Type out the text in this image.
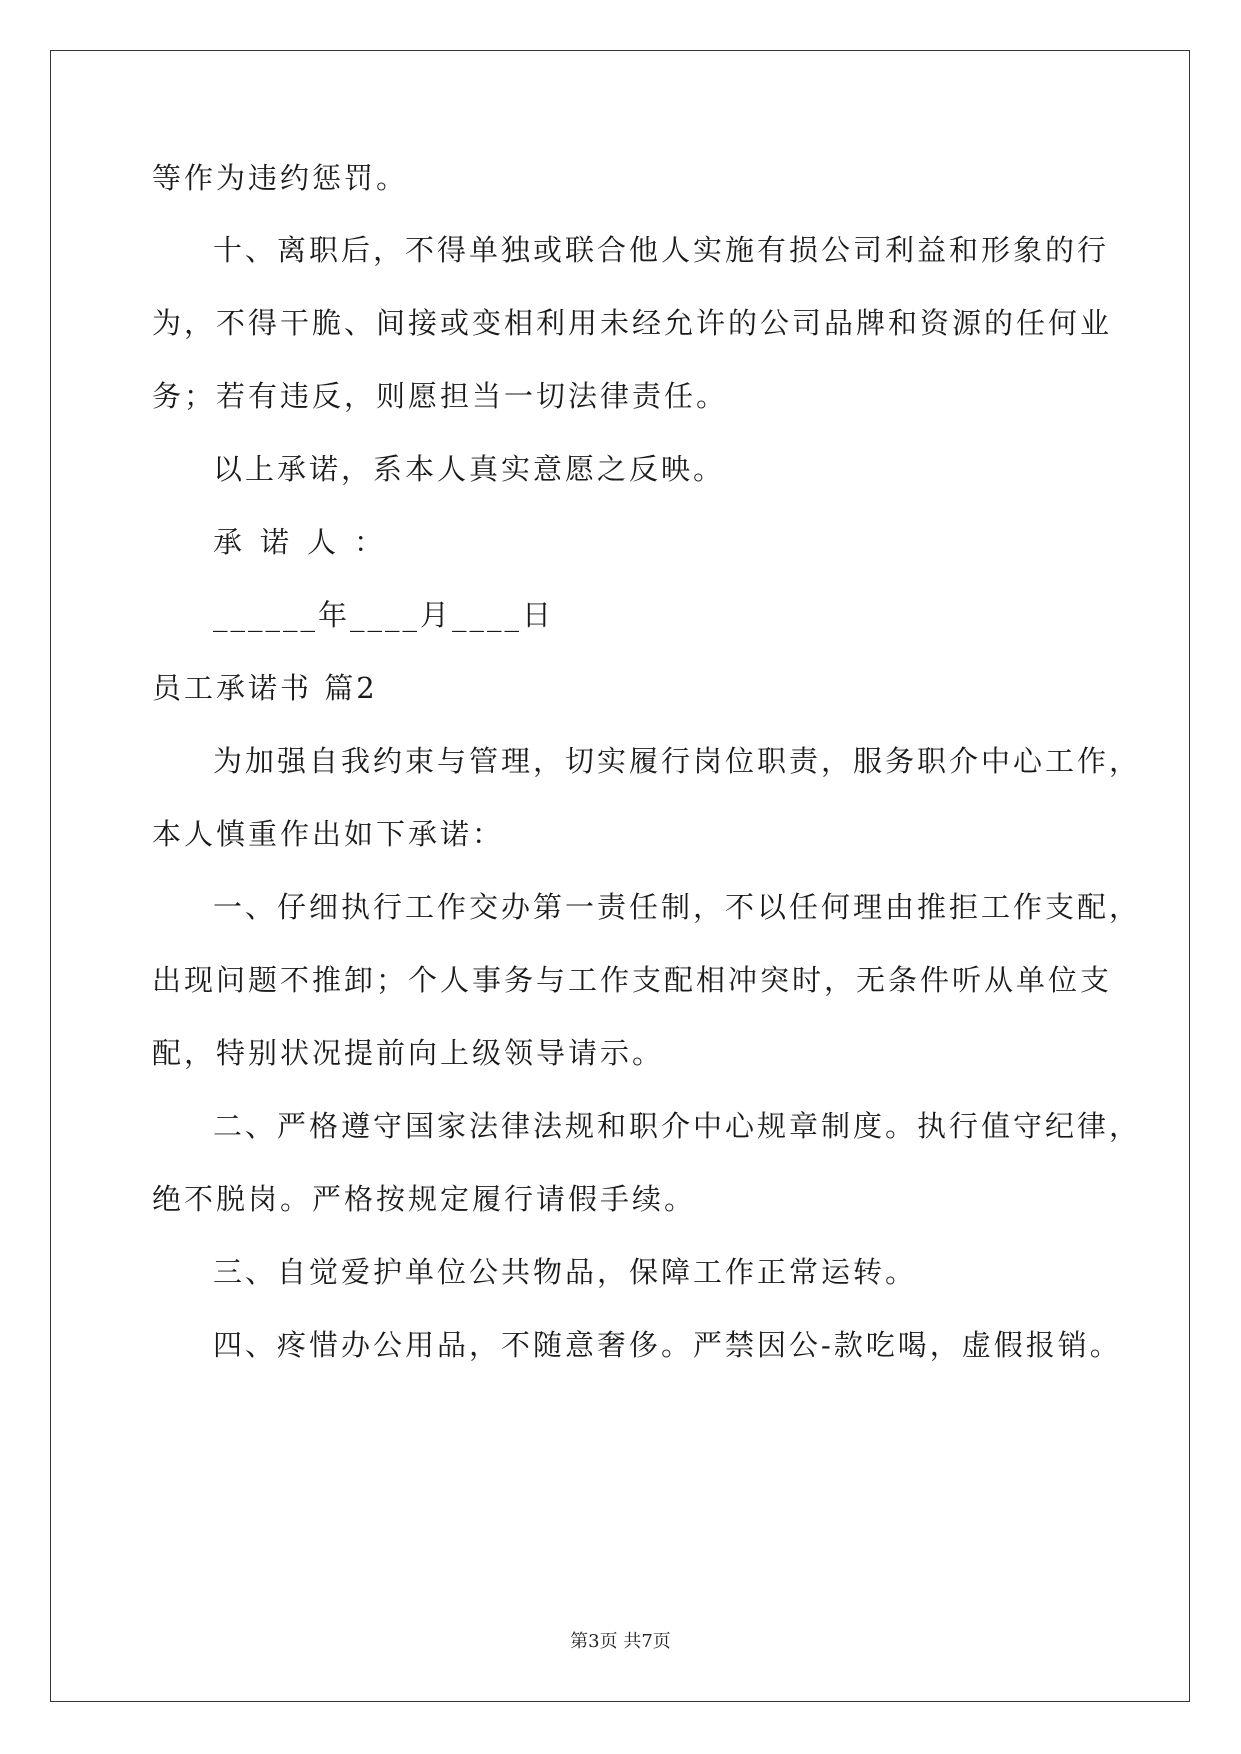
等作为违约惩罚。
十、离职后，不得单独或联合他人实施有损公司利益和形象的行
为，不得干脆、间接或变相利用未经允许的公司品牌和资源的任何业
务；若有违反，则愿担当一切法律责任。
以上承诺，系本人真实意愿之反映。
承诺人：
______年____月____日
员工承诺书 篇2
为加强自我约束与管理，切实履行岗位职责，服务职介中心工作，
本人慎重作出如下承诺：
一、仔细执行工作交办第一责任制，不以任何理由推拒工作支配，
出现问题不推卸；个人事务与工作支配相冲突时，无条件听从单位支
配，特别状况提前向上级领导请示。
二、严格遵守国家法律法规和职介中心规章制度。执行值守纪律，
绝不脱岗。严格按规定履行请假手续。
三、自觉爱护单位公共物品，保障工作正常运转。
四、疼惜办公用品，不随意奢侈。严禁因公-款吃喝，虚假报销。
第3页 共7页
